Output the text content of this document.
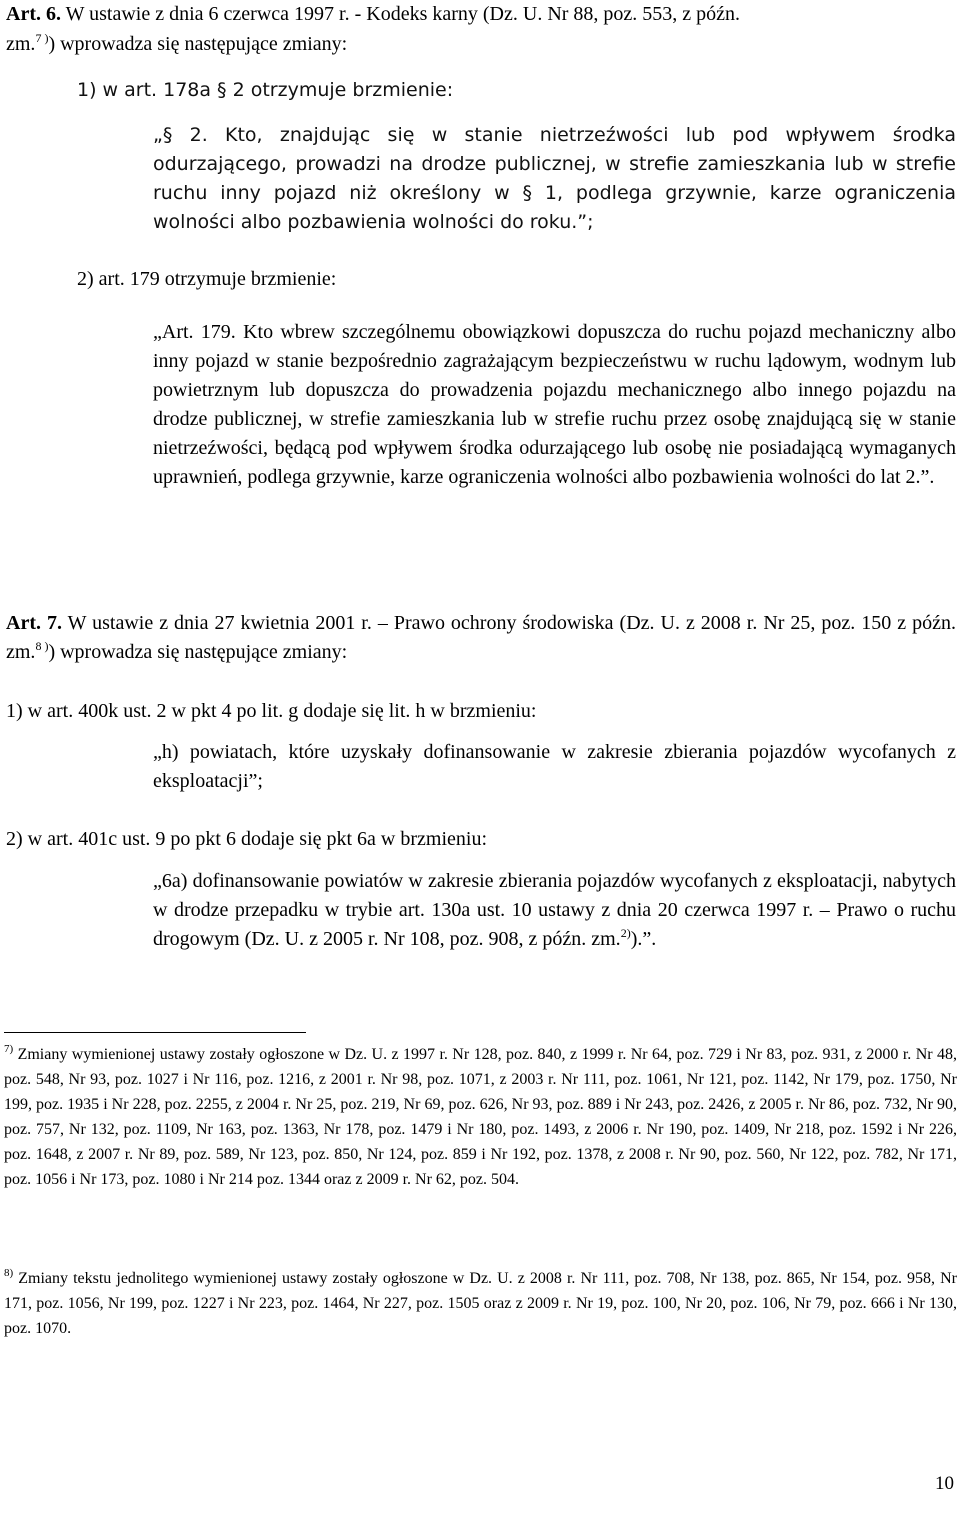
Art. 6. W ustawie z dnia 6 czerwca 1997 r. - Kodeks karny (Dz. U. Nr 88, poz. 553, z późn.

zm.$^{7 )}$) wprowadza się następujące zmiany:

1) w art. 178a § 2 otrzymuje brzmienie:

„§ 2. Kto, znajdując się w stanie nietrzeźwości lub pod wpływem środka odurzającego, prowadzi na drodze publicznej, w strefie zamieszkania lub w strefie ruchu inny pojazd niż określony w § 1, podlega grzywnie, karze ograniczenia wolności albo pozbawienia wolności do roku.”;

2) art. 179 otrzymuje brzmienie:

„Art. 179. Kto wbrew szczególnemu obowiązkowi dopuszcza do ruchu pojazd mechaniczny albo inny pojazd w stanie bezpośrednio zagrażającym bezpieczeństwu w ruchu lądowym, wodnym lub powietrznym lub dopuszcza do prowadzenia pojazdu mechanicznego albo innego pojazdu na drodze publicznej, w strefie zamieszkania lub w strefie ruchu przez osobę znajdującą się w stanie nietrzeźwości, będącą pod wpływem środka odurzającego lub osobę nie posiadającą wymaganych uprawnień, podlega grzywnie, karze ograniczenia wolności albo pozbawienia wolności do lat 2.”.

Art. 7. W ustawie z dnia 27 kwietnia 2001 r. – Prawo ochrony środowiska (Dz. U. z 2008 r. Nr 25, poz. 150 z późn. zm.$^{8 )}$) wprowadza się następujące zmiany:

1) w art. 400k ust. 2 w pkt 4 po lit. g dodaje się lit. h w brzmieniu:

„h) powiatach, które uzyskały dofinansowanie w zakresie zbierania pojazdów wycofanych z eksploatacji”;

2) w art. 401c ust. 9 po pkt 6 dodaje się pkt 6a w brzmieniu:

„6a) dofinansowanie powiatów w zakresie zbierania pojazdów wycofanych z eksploatacji, nabytych w drodze przepadku w trybie art. 130a ust. 10 ustawy z dnia 20 czerwca 1997 r. – Prawo o ruchu drogowym (Dz. U. z 2005 r. Nr 108, poz. 908, z późn. zm.$^{2)}$).”.

$^{7)}$ Zmiany wymienionej ustawy zostały ogłoszone w Dz. U. z 1997 r. Nr 128, poz. 840, z 1999 r. Nr 64, poz. 729 i Nr 83, poz. 931, z 2000 r. Nr 48, poz. 548, Nr 93, poz. 1027 i Nr 116, poz. 1216, z 2001 r. Nr 98, poz. 1071, z 2003 r. Nr 111, poz. 1061, Nr 121, poz. 1142, Nr 179, poz. 1750, Nr 199, poz. 1935 i Nr 228, poz. 2255, z 2004 r. Nr 25, poz. 219, Nr 69, poz. 626, Nr 93, poz. 889 i Nr 243, poz. 2426, z 2005 r. Nr 86, poz. 732, Nr 90, poz. 757, Nr 132, poz. 1109, Nr 163, poz. 1363, Nr 178, poz. 1479 i Nr 180, poz. 1493, z 2006 r. Nr 190, poz. 1409, Nr 218, poz. 1592 i Nr 226, poz. 1648, z 2007 r. Nr 89, poz. 589, Nr 123, poz. 850, Nr 124, poz. 859 i Nr 192, poz. 1378, z 2008 r. Nr 90, poz. 560, Nr 122, poz. 782, Nr 171, poz. 1056 i Nr 173, poz. 1080 i Nr 214 poz. 1344 oraz z 2009 r. Nr 62, poz. 504.

$^{8)}$ Zmiany tekstu jednolitego wymienionej ustawy zostały ogłoszone w Dz. U. z 2008 r. Nr 111, poz. 708, Nr 138, poz. 865, Nr 154, poz. 958, Nr 171, poz. 1056, Nr 199, poz. 1227 i Nr 223, poz. 1464, Nr 227, poz. 1505 oraz z 2009 r. Nr 19, poz. 100, Nr 20, poz. 106, Nr 79, poz. 666 i Nr 130, poz. 1070.

10
